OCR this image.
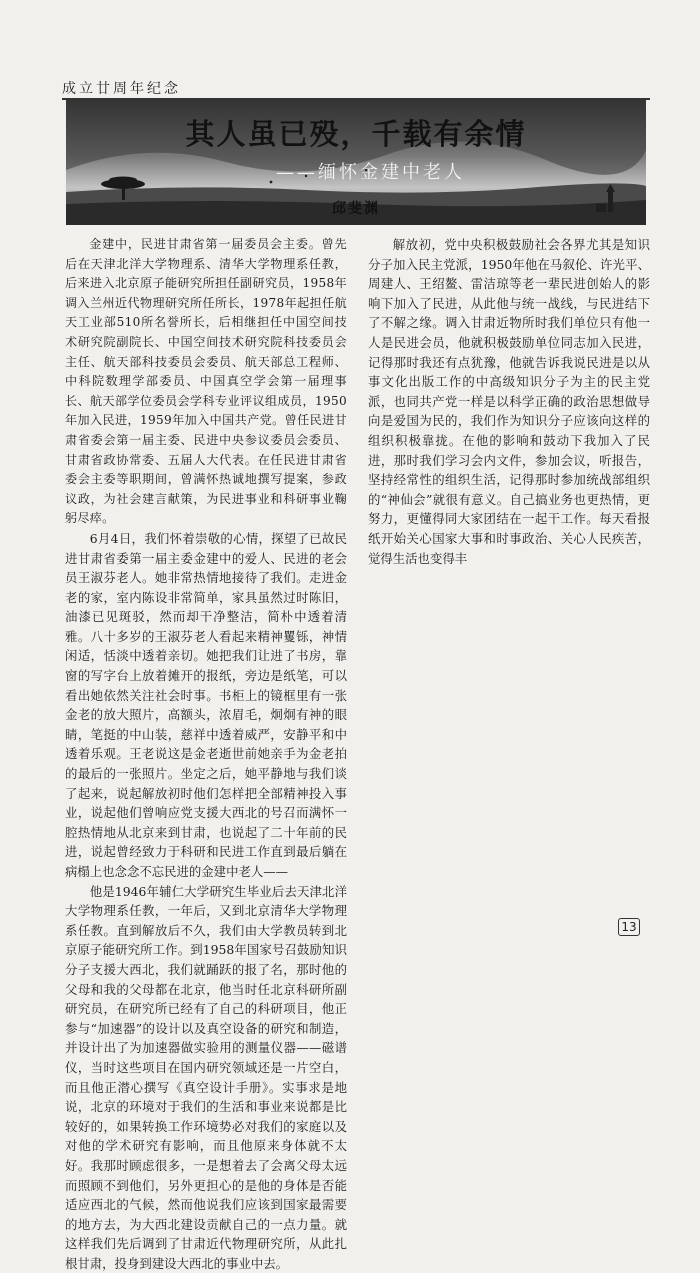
成立廿周年纪念
其人虽已殁，千载有余情
——缅怀金建中老人
邱斐渊

金建中，民进甘肃省第一届委员会主委。曾先后在天津北洋大学物理系、清华大学物理系任教，后来进入北京原子能研究所担任副研究员，1958年调入兰州近代物理研究所任所长，1978年起担任航天工业部510所名誉所长，后相继担任中国空间技术研究院副院长、中国空间技术研究院科技委员会主任、航天部科技委员会委员、航天部总工程师、中科院数理学部委员、中国真空学会第一届理事长、航天部学位委员会学科专业评议组成员，1950年加入民进，1959年加入中国共产党。曾任民进甘肃省委会第一届主委、民进中央参议委员会委员、甘肃省政协常委、五届人大代表。在任民进甘肃省委会主委等职期间，曾满怀热诚地撰写提案，参政议政，为社会建言献策，为民进事业和科研事业鞠躬尽瘁。

6月4日，我们怀着崇敬的心情，探望了已故民进甘肃省委第一届主委金建中的爱人、民进的老会员王淑芬老人。她非常热情地接待了我们。走进金老的家，室内陈设非常简单，家具虽然过时陈旧，油漆已见斑驳，然而却干净整洁，简朴中透着清雅。八十多岁的王淑芬老人看起来精神矍铄，神情闲适，恬淡中透着亲切。她把我们让进了书房，靠窗的写字台上放着摊开的报纸，旁边是纸笔，可以看出她依然关注社会时事。书柜上的镜框里有一张金老的放大照片，高额头，浓眉毛，炯炯有神的眼睛，笔挺的中山装，慈祥中透着威严，安静平和中透着乐观。王老说这是金老逝世前她亲手为金老拍的最后的一张照片。坐定之后，她平静地与我们谈了起来，说起解放初时他们怎样把全部精神投入事业，说起他们曾响应党支援大西北的号召而满怀一腔热情地从北京来到甘肃，也说起了二十年前的民进，说起曾经致力于科研和民进工作直到最后躺在病榻上也念念不忘民进的金建中老人——

他是1946年辅仁大学研究生毕业后去天津北洋大学物理系任教，一年后，又到北京清华大学物理系任教。直到解放后不久，我们由大学教员转到北京原子能研究所工作。到1958年国家号召鼓励知识分子支援大西北，我们就踊跃的报了名，那时他的父母和我的父母都在北京，他当时任北京科研所副研究员，在研究所已经有了自己的科研项目，他正参与“加速器”的设计以及真空设备的研究和制造，并设计出了为加速器做实验用的测量仪器——磁谱仪，当时这些项目在国内研究领域还是一片空白，而且他正潜心撰写《真空设计手册》。实事求是地说，北京的环境对于我们的生活和事业来说都是比较好的，如果转换工作环境势必对我们的家庭以及对他的学术研究有影响，而且他原来身体就不太好。我那时顾虑很多，一是想着去了会离父母太远而照顾不到他们，另外更担心的是他的身体是否能适应西北的气候，然而他说我们应该到国家最需要的地方去，为大西北建设贡献自己的一点力量。就这样我们先后调到了甘肃近代物理研究所，从此扎根甘肃，投身到建设大西北的事业中去。

解放初，党中央积极鼓励社会各界尤其是知识分子加入民主党派，1950年他在马叙伦、许光平、周建人、王绍鳌、雷洁琼等老一辈民进创始人的影响下加入了民进，从此他与统一战线，与民进结下了不解之缘。调入甘肃近物所时我们单位只有他一人是民进会员，他就积极鼓励单位同志加入民进，记得那时我还有点犹豫，他就告诉我说民进是以从事文化出版工作的中高级知识分子为主的民主党派，也同共产党一样是以科学正确的政治思想做导向是爱国为民的，我们作为知识分子应该向这样的组织积极靠拢。在他的影响和鼓动下我加入了民进，那时我们学习会内文件，参加会议，听报告，坚持经常性的组织生活，记得那时参加统战部组织的“神仙会”就很有意义。自己搞业务也更热情，更努力，更懂得同大家团结在一起干工作。每天看报纸开始关心国家大事和时事政治、关心人民疾苦，觉得生活也变得丰

13
